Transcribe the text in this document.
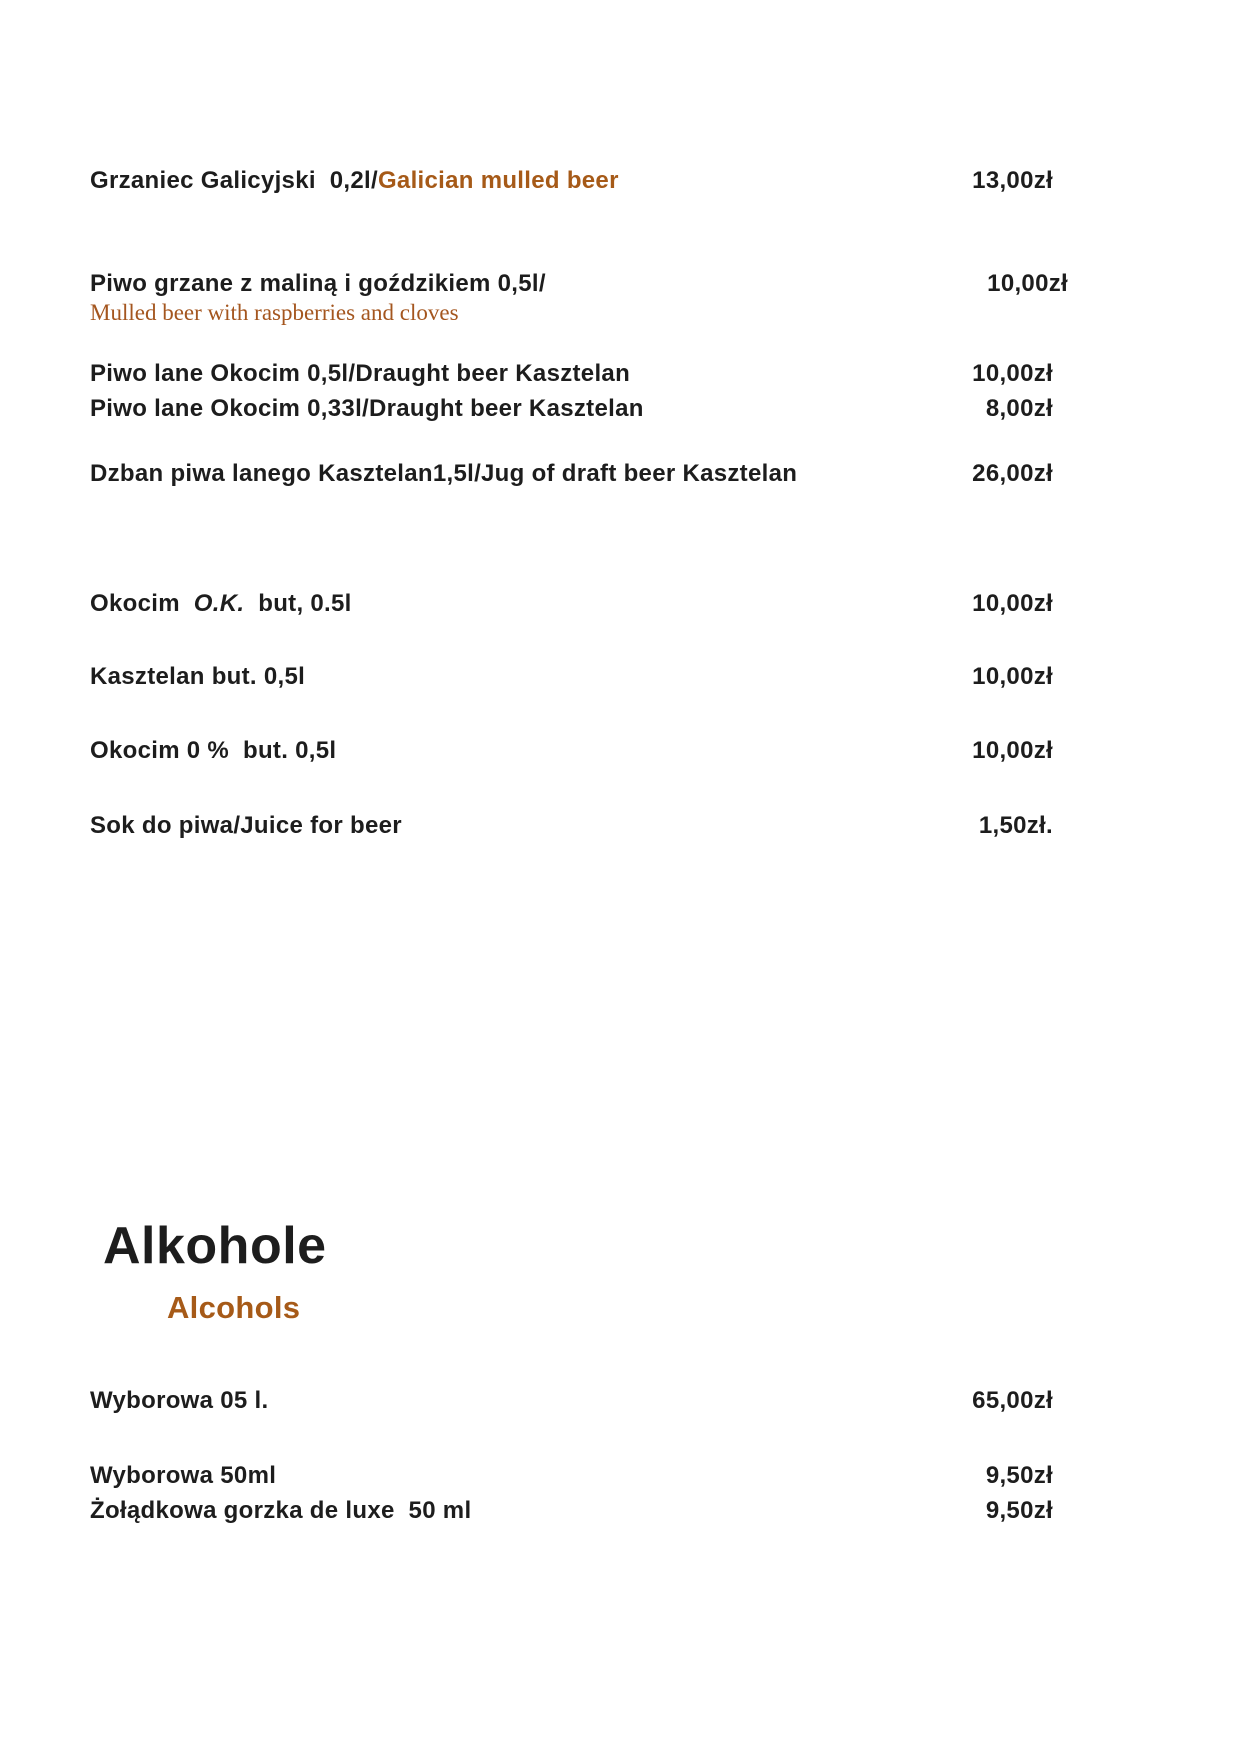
Grzaniec Galicyjski  0,2l/Galician mulled beer	13,00zł
Piwo grzane z maliną i goździkiem 0,5l/	10,00zł
Mulled beer with raspberries and cloves
Piwo lane Okocim 0,5l/Draught beer Kasztelan	10,00zł
Piwo lane Okocim 0,33l/Draught beer Kasztelan	8,00zł
Dzban piwa lanego Kasztelan1,5l/Jug of draft beer Kasztelan	26,00zł
Okocim  O.K.  but, 0.5l	10,00zł
Kasztelan but. 0,5l	10,00zł
Okocim 0 %  but. 0,5l	10,00zł
Sok do piwa/Juice for beer	1,50zł.
Alkohole
Alcohols
Wyborowa 05 l.	65,00zł
Wyborowa 50ml	9,50zł
Żołądkowa gorzka de luxe  50 ml	9,50zł
